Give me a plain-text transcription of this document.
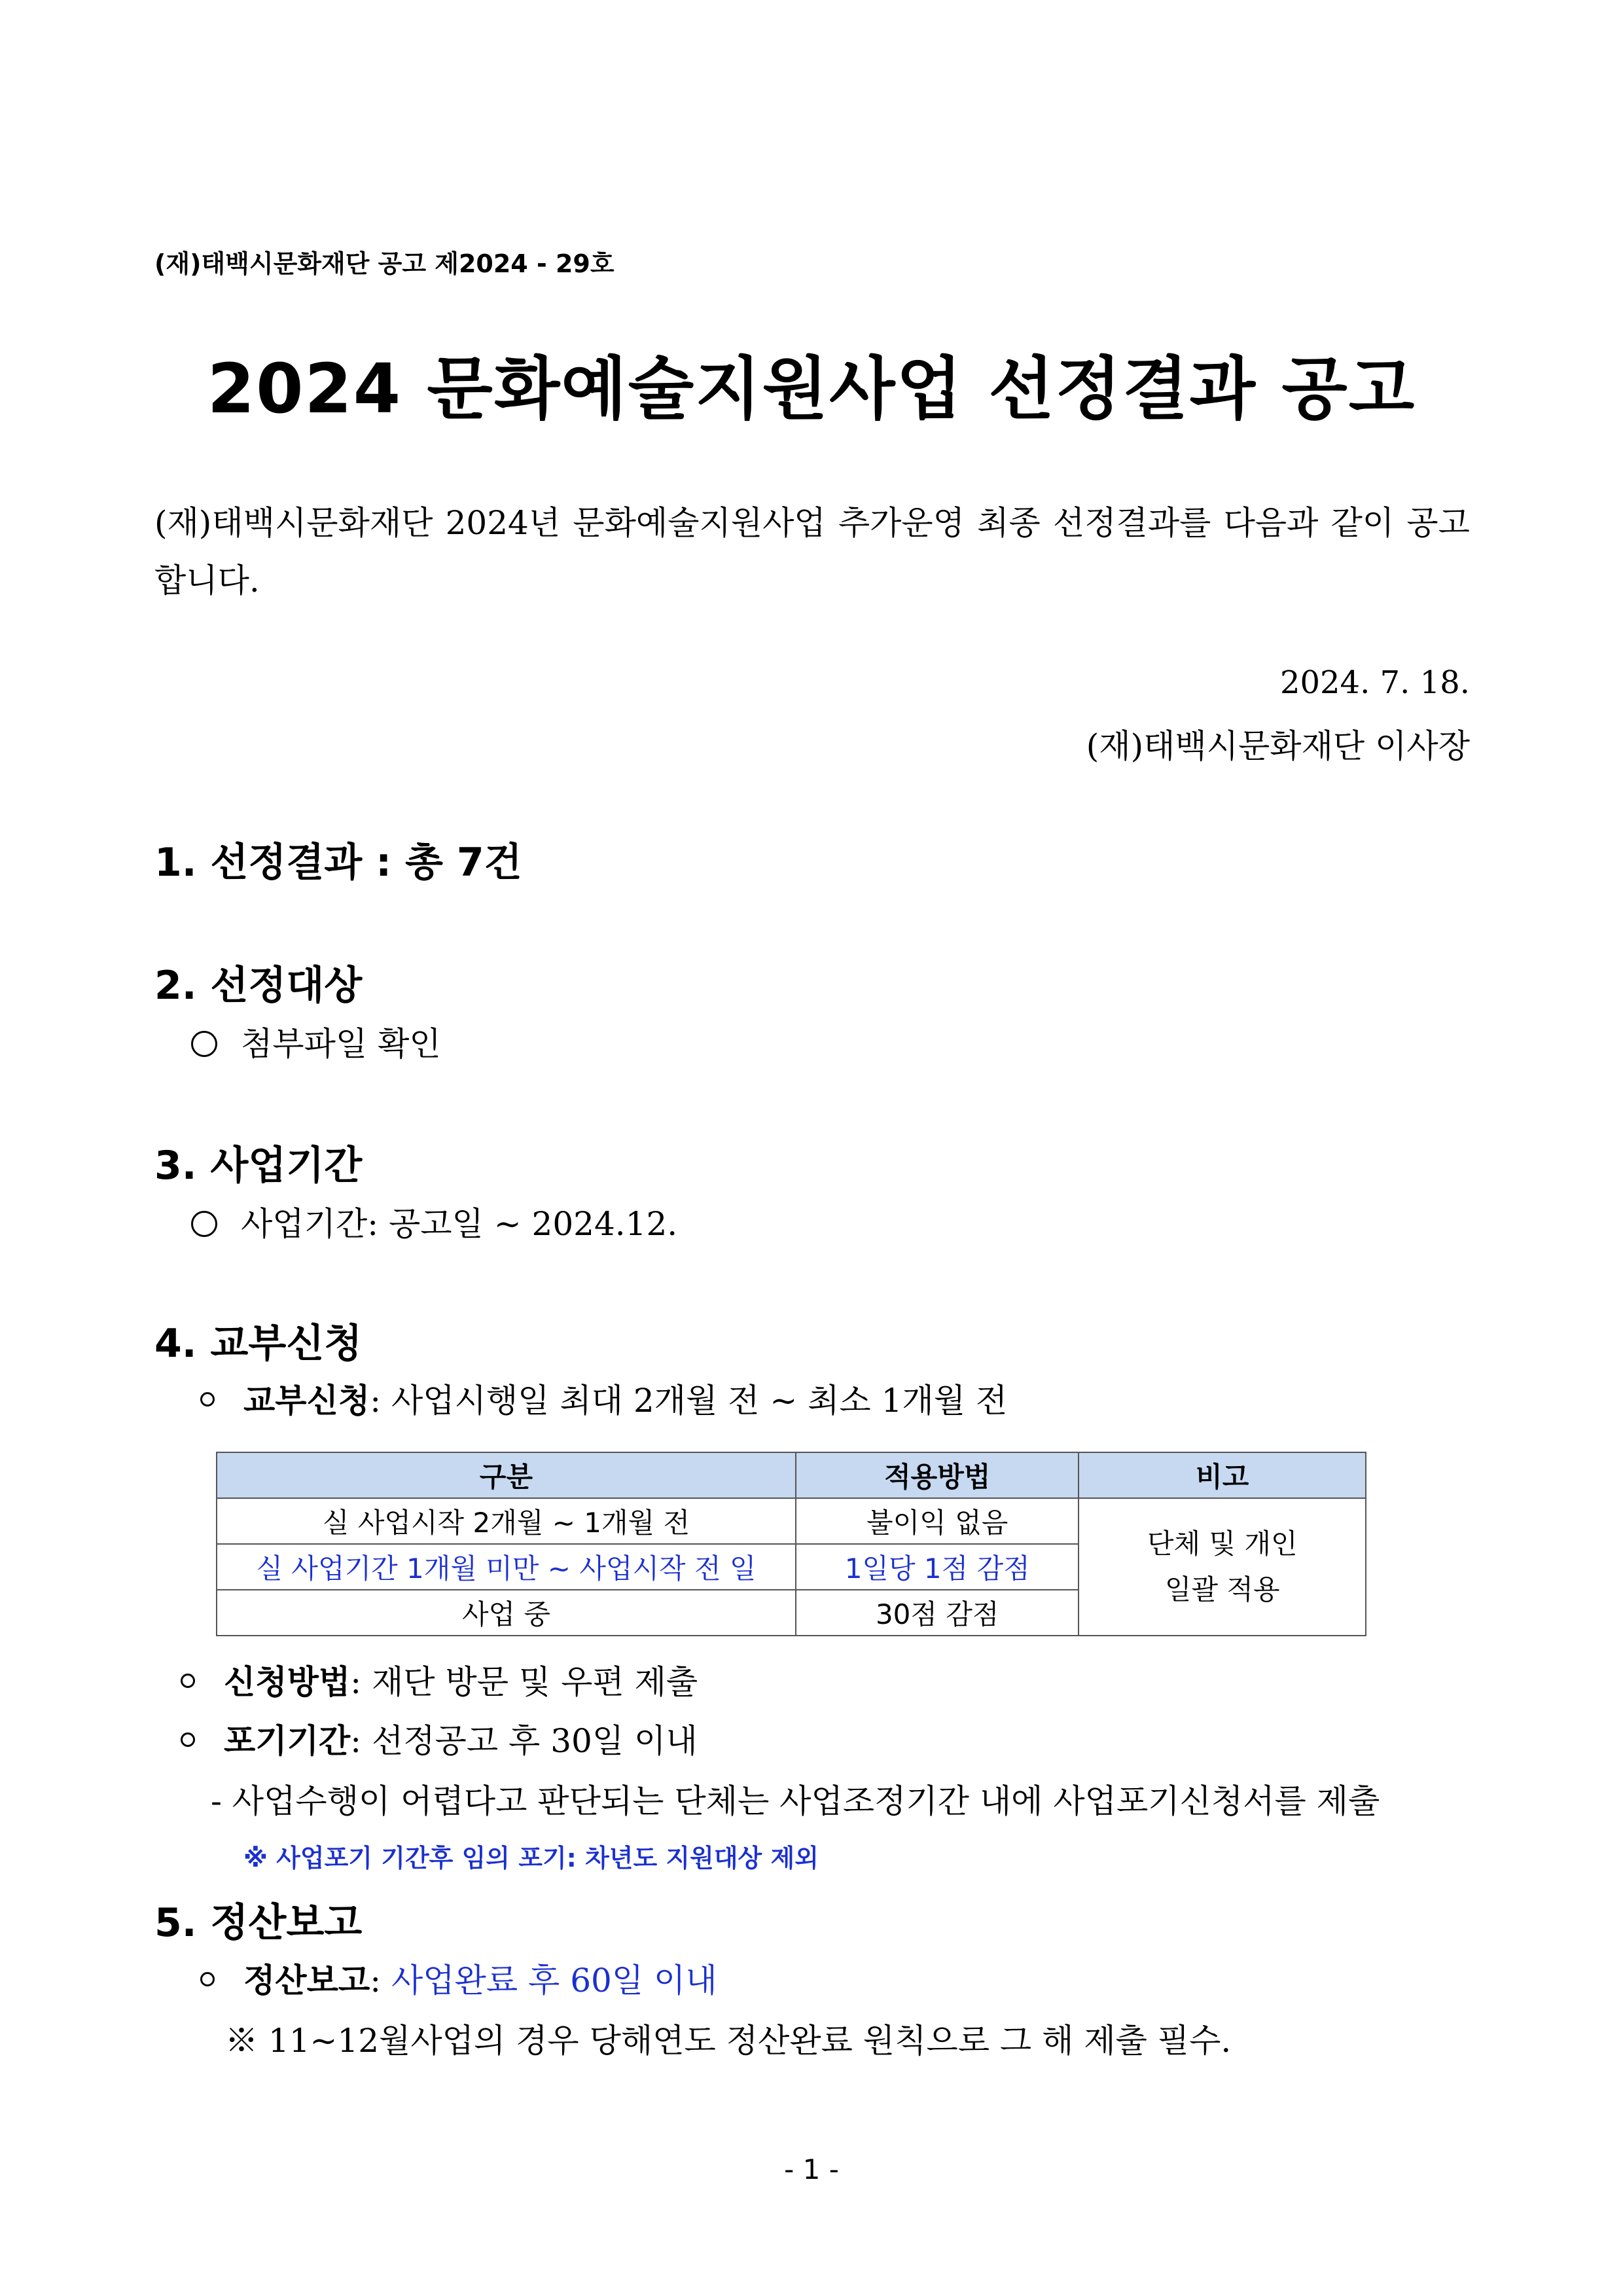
(재)태백시문화재단 공고 제2024 - 29호
2024 문화예술지원사업 선정결과 공고
(재)태백시문화재단 2024년 문화예술지원사업 추가운영 최종 선정결과를 다음과 같이 공고합니다.
2024. 7. 18.
(재)태백시문화재단 이사장
1. 선정결과 : 총 7건
2. 선정대상
첨부파일 확인
3. 사업기간
사업기간: 공고일 ~ 2024.12.
4. 교부신청
교부신청: 사업시행일 최대 2개월 전 ~ 최소 1개월 전
구분	적용방법	비고
실 사업시작 2개월 ~ 1개월 전	불이익 없음	단체 및 개인
일괄 적용
실 사업기간 1개월 미만 ~ 사업시작 전 일	1일당 1점 감점	
사업 중	30점 감점	
신청방법: 재단 방문 및 우편 제출
포기기간: 선정공고 후 30일 이내
- 사업수행이 어렵다고 판단되는 단체는 사업조정기간 내에 사업포기신청서를 제출
※ 사업포기 기간후 임의 포기: 차년도 지원대상 제외
5. 정산보고
정산보고: 사업완료 후 60일 이내
※ 11~12월사업의 경우 당해연도 정산완료 원칙으로 그 해 제출 필수.
- 1 -
